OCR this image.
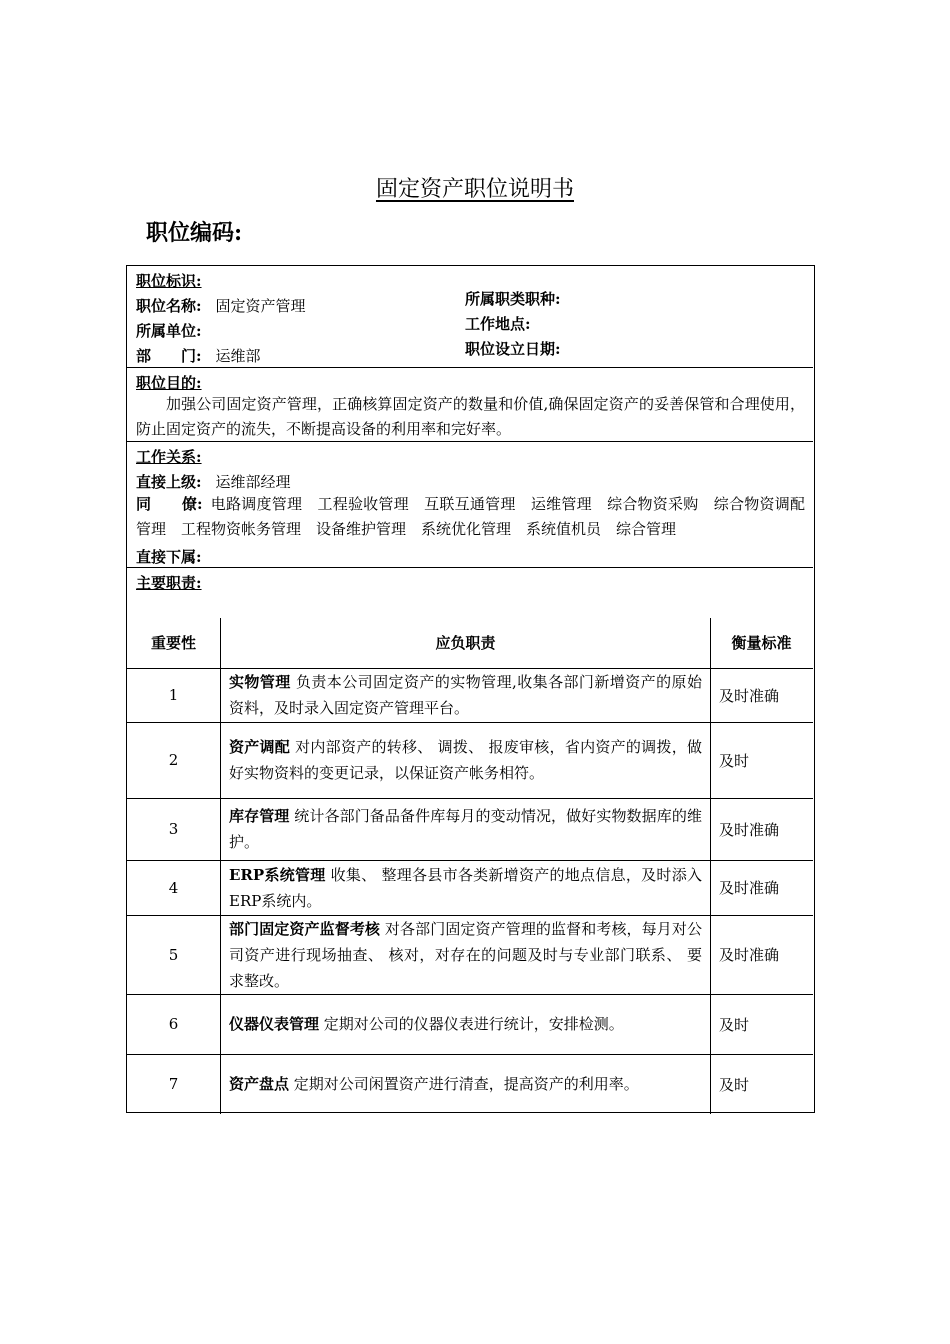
固定资产职位说明书
职位编码:
职位标识:
职位名称: 固定资产管理
所属单位:
部　　门: 运维部
所属职类职种:
工作地点:
职位设立日期:
职位目的:
加强公司固定资产管理，正确核算固定资产的数量和价值,确保固定资产的妥善保管和合理使用，防止固定资产的流失，不断提高设备的利用率和完好率。
工作关系:
直接上级: 运维部经理
同　　僚: 电路调度管理　工程验收管理　互联互通管理　运维管理　综合物资采购　综合物资调配管理　工程物资帐务管理　设备维护管理　系统优化管理　系统值机员　综合管理
直接下属:
主要职责:
重要性	应负职责	衡量标准
1	实物管理 负责本公司固定资产的实物管理,收集各部门新增资产的原始资料，及时录入固定资产管理平台。	及时准确
2	资产调配 对内部资产的转移、 调拨、 报废审核，省内资产的调拨，做好实物资料的变更记录，以保证资产帐务相符。	及时
3	库存管理 统计各部门备品备件库每月的变动情况，做好实物数据库的维护。	及时准确
4	ERP系统管理 收集、 整理各县市各类新增资产的地点信息，及时添入ERP系统内。	及时准确
5	部门固定资产监督考核 对各部门固定资产管理的监督和考核，每月对公司资产进行现场抽查、 核对，对存在的问题及时与专业部门联系、 要求整改。	及时准确
6	仪器仪表管理 定期对公司的仪器仪表进行统计，安排检测。	及时
7	资产盘点 定期对公司闲置资产进行清查，提高资产的利用率。	及时
